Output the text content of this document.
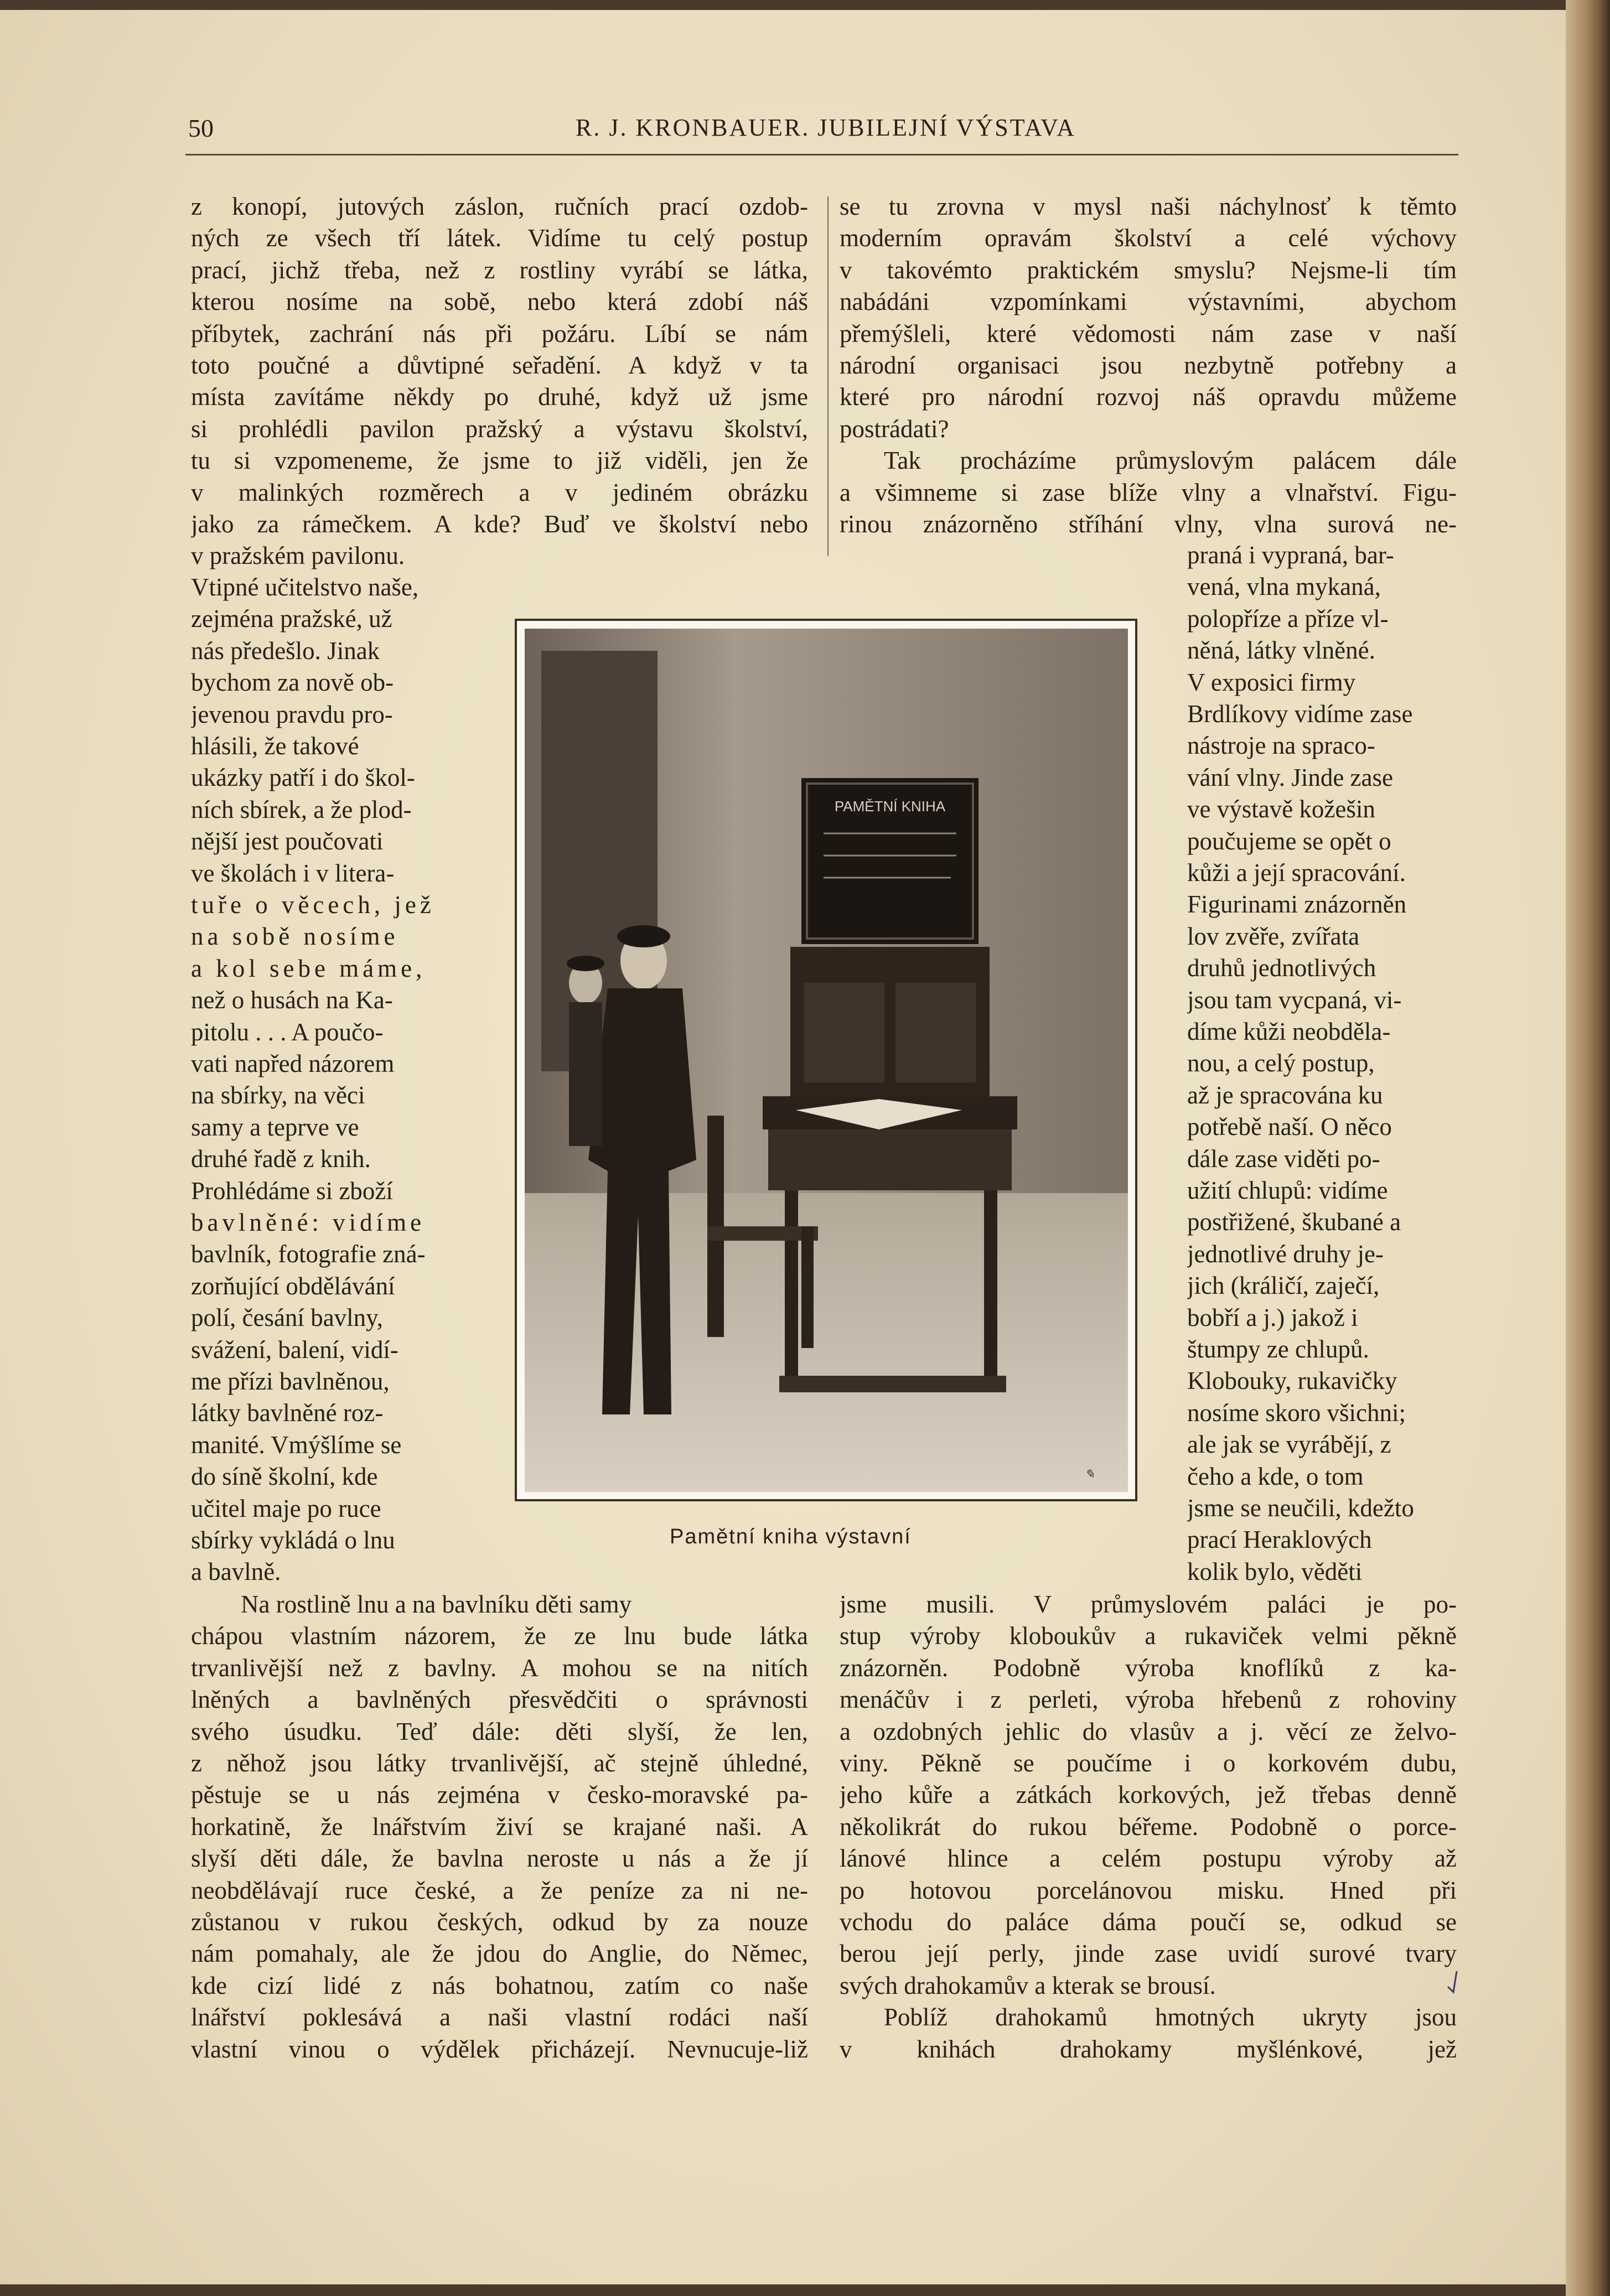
50	R. J. KRONBAUER. JUBILEJNÍ VÝSTAVA
z konopí, jutových záslon, ručních prací ozdob-
ných ze všech tří látek. Vidíme tu celý postup
prací, jichž třeba, než z rostliny vyrábí se látka,
kterou nosíme na sobě, nebo která zdobí náš
příbytek, zachrání nás při požáru. Líbí se nám
toto poučné a důvtipné seřadění. A když v ta
místa zavítáme někdy po druhé, když už jsme
si prohlédli pavilon pražský a výstavu školství,
tu si vzpomeneme, že jsme to již viděli, jen že
v malinkých rozměrech a v jediném obrázku
jako za rámečkem. A kde? Buď ve školství nebo
v pražském pavilonu.
Vtipné učitelstvo naše,
zejména pražské, už
nás předešlo. Jinak
bychom za nově ob-
jevenou pravdu pro-
hlásili, že takové
ukázky patří i do škol-
ních sbírek, a že plod-
nější jest poučovati
ve školách i v litera-
tuře o věcech, jež
na sobě nosíme
a kol sebe máme,
než o husách na Ka-
pitolu . . . A poučo-
vati napřed názorem
na sbírky, na věci
samy a teprve ve
druhé řadě z knih.
Prohlédáme si zboží
bavlněné: vidíme
bavlník, fotografie zná-
zorňující obdělávání
polí, česání bavlny,
svážení, balení, vidí-
me přízi bavlněnou,
látky bavlněné roz-
manité. Vmýšlíme se
do síně školní, kde
učitel maje po ruce
sbírky vykládá o lnu
a bavlně.
Na rostlině lnu a na bavlníku děti samy
chápou vlastním názorem, že ze lnu bude látka
trvanlivější než z bavlny. A mohou se na nitích
lněných a bavlněných přesvědčiti o správnosti
svého úsudku. Teď dále: děti slyší, že len,
z něhož jsou látky trvanlivější, ač stejně úhledné,
pěstuje se u nás zejména v česko-moravské pa-
horkatině, že lnářstvím živí se krajané naši. A
slyší děti dále, že bavlna neroste u nás a že jí
neobdělávají ruce české, a že peníze za ni ne-
zůstanou v rukou českých, odkud by za nouze
nám pomahaly, ale že jdou do Anglie, do Němec,
kde cizí lidé z nás bohatnou, zatím co naše
lnářství poklesává a naši vlastní rodáci naší
vlastní vinou o výdělek přicházejí. Nevnucuje-liž
se tu zrovna v mysl naši náchylnosť k těmto
moderním opravám školství a celé výchovy
v takovémto praktickém smyslu? Nejsme-li tím
nabádáni vzpomínkami výstavními, abychom
přemýšleli, které vědomosti nám zase v naší
národní organisaci jsou nezbytně potřebny a
které pro národní rozvoj náš opravdu můžeme
postrádati?
Tak procházíme průmyslovým palácem dále
a všimneme si zase blíže vlny a vlnařství. Figu-
rinou znázorněno stříhání vlny, vlna surová ne-
praná i vypraná, bar-
vená, vlna mykaná,
polopříze a příze vl-
něná, látky vlněné.
V exposici firmy
Brdlíkovy vidíme zase
nástroje na spraco-
vání vlny. Jinde zase
ve výstavě kožešin
poučujeme se opět o
kůži a její spracování.
Figurinami znázorněn
lov zvěře, zvířata
druhů jednotlivých
jsou tam vycpaná, vi-
díme kůži neobděla-
nou, a celý postup,
až je spracována ku
potřebě naší. O něco
dále zase viděti po-
užití chlupů: vidíme
postřižené, škubané a
jednotlivé druhy je-
jich (králičí, zaječí,
bobří a j.) jakož i
štumpy ze chlupů.
Klobouky, rukavičky
nosíme skoro všichni;
ale jak se vyrábějí, z
čeho a kde, o tom
jsme se neučili, kdežto
prací Heraklových
kolik bylo, věděti
jsme musili. V průmyslovém paláci je po-
stup výroby kloboukův a rukaviček velmi pěkně
znázorněn. Podobně výroba knoflíků z ka-
menáčův i z perleti, výroba hřebenů z rohoviny
a ozdobných jehlic do vlasův a j. věcí ze želvo-
viny. Pěkně se poučíme i o korkovém dubu,
jeho kůře a zátkách korkových, jež třebas denně
několikrát do rukou béřeme. Podobně o porce-
lánové hlince a celém postupu výroby až
po hotovou porcelánovou misku. Hned při
vchodu do paláce dáma poučí se, odkud se
berou její perly, jinde zase uvidí surové tvary
svých drahokamův a kterak se brousí.
Poblíž drahokamů hmotných ukryty jsou
v knihách drahokamy myšlénkové, jež
PAMĚTNÍ KNIHA
✎
Pamětní kniha výstavní
